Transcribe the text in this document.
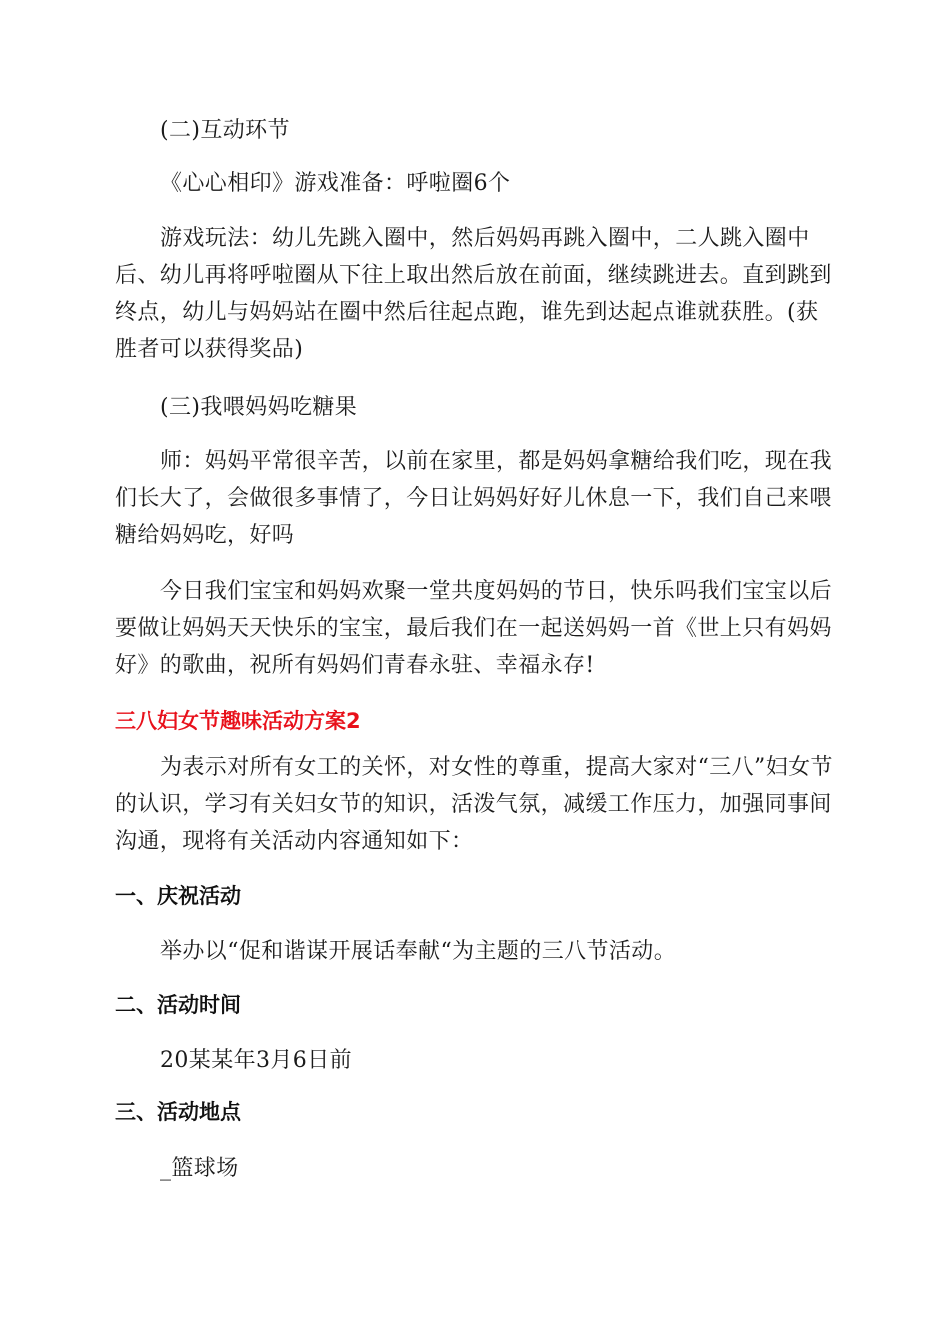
(二)互动环节

《心心相印》游戏准备：呼啦圈6个

游戏玩法：幼儿先跳入圈中，然后妈妈再跳入圈中，二人跳入圈中后、幼儿再将呼啦圈从下往上取出然后放在前面，继续跳进去。直到跳到终点，幼儿与妈妈站在圈中然后往起点跑，谁先到达起点谁就获胜。(获胜者可以获得奖品)

(三)我喂妈妈吃糖果

师：妈妈平常很辛苦，以前在家里，都是妈妈拿糖给我们吃，现在我们长大了，会做很多事情了，今日让妈妈好好儿休息一下，我们自己来喂糖给妈妈吃，好吗

今日我们宝宝和妈妈欢聚一堂共度妈妈的节日，快乐吗我们宝宝以后要做让妈妈天天快乐的宝宝，最后我们在一起送妈妈一首《世上只有妈妈好》的歌曲，祝所有妈妈们青春永驻、幸福永存!

三八妇女节趣味活动方案2

为表示对所有女工的关怀，对女性的尊重，提高大家对“三八”妇女节的认识，学习有关妇女节的知识，活泼气氛，减缓工作压力，加强同事间沟通，现将有关活动内容通知如下：

一、庆祝活动

举办以“促和谐谋开展话奉献“为主题的三八节活动。

二、活动时间

20某某年3月6日前

三、活动地点

_篮球场
